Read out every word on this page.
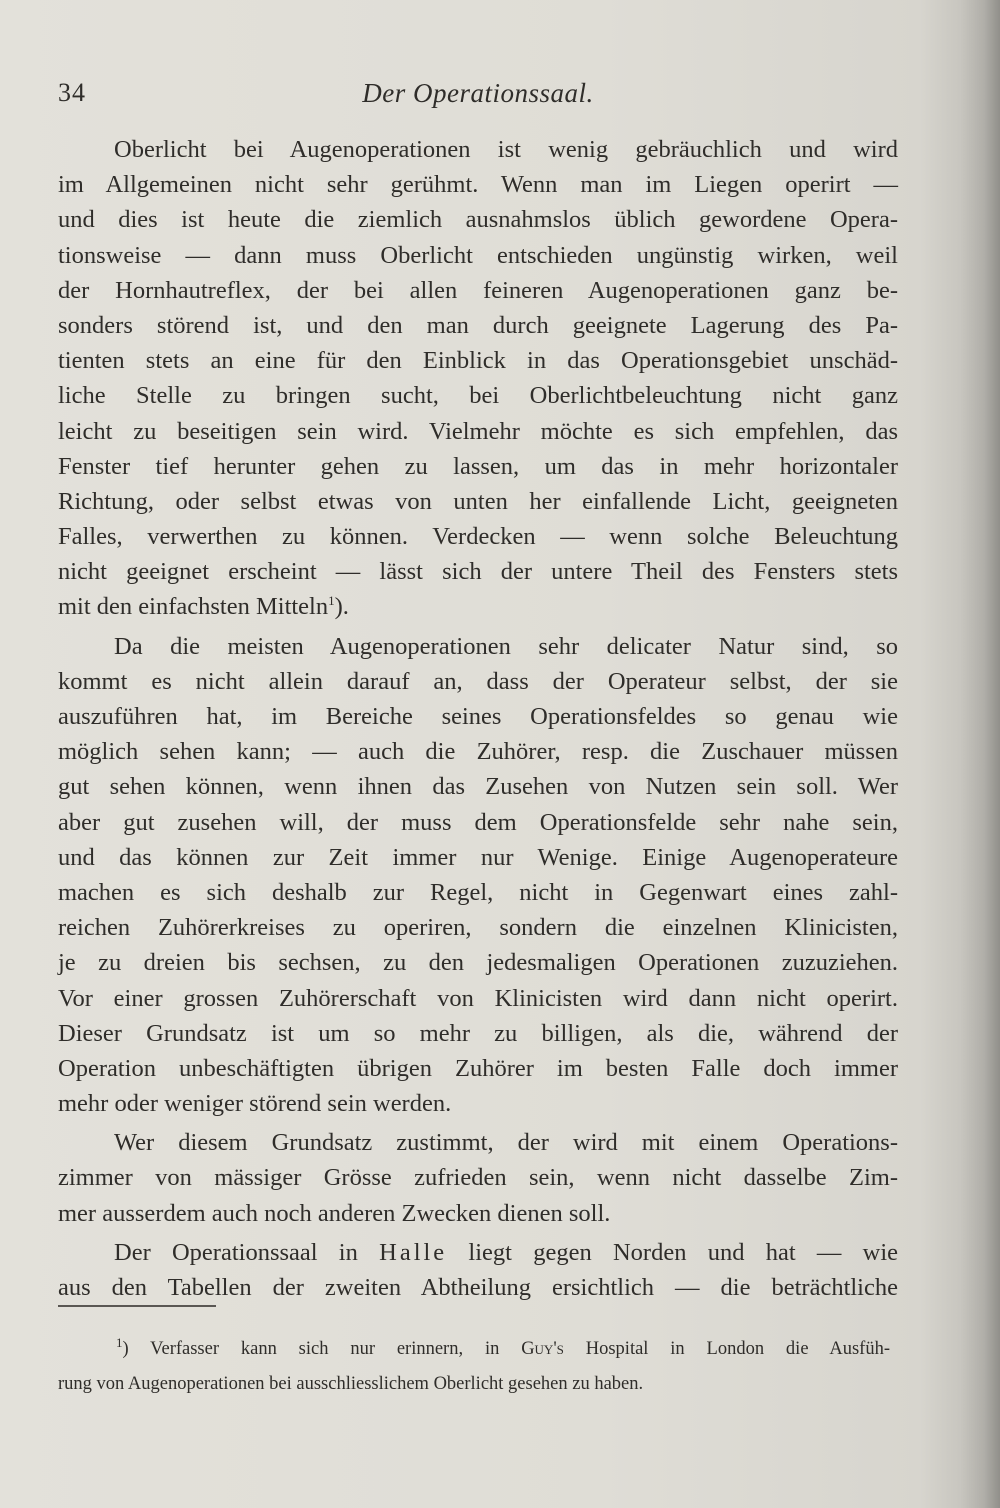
34	Der Operationssaal.
Oberlicht bei Augenoperationen ist wenig gebräuchlich und wird
im Allgemeinen nicht sehr gerühmt. Wenn man im Liegen operirt —
und dies ist heute die ziemlich ausnahmslos üblich gewordene Opera-
tionsweise — dann muss Oberlicht entschieden ungünstig wirken, weil
der Hornhautreflex, der bei allen feineren Augenoperationen ganz be-
sonders störend ist, und den man durch geeignete Lagerung des Pa-
tienten stets an eine für den Einblick in das Operationsgebiet unschäd-
liche Stelle zu bringen sucht, bei Oberlichtbeleuchtung nicht ganz
leicht zu beseitigen sein wird. Vielmehr möchte es sich empfehlen, das
Fenster tief herunter gehen zu lassen, um das in mehr horizontaler
Richtung, oder selbst etwas von unten her einfallende Licht, geeigneten
Falles, verwerthen zu können. Verdecken — wenn solche Beleuchtung
nicht geeignet erscheint — lässt sich der untere Theil des Fensters stets
mit den einfachsten Mitteln$^1$).
Da die meisten Augenoperationen sehr delicater Natur sind, so
kommt es nicht allein darauf an, dass der Operateur selbst, der sie
auszuführen hat, im Bereiche seines Operationsfeldes so genau wie
möglich sehen kann; — auch die Zuhörer, resp. die Zuschauer müssen
gut sehen können, wenn ihnen das Zusehen von Nutzen sein soll. Wer
aber gut zusehen will, der muss dem Operationsfelde sehr nahe sein,
und das können zur Zeit immer nur Wenige. Einige Augenoperateure
machen es sich deshalb zur Regel, nicht in Gegenwart eines zahl-
reichen Zuhörerkreises zu operiren, sondern die einzelnen Klinicisten,
je zu dreien bis sechsen, zu den jedesmaligen Operationen zuzuziehen.
Vor einer grossen Zuhörerschaft von Klinicisten wird dann nicht operirt.
Dieser Grundsatz ist um so mehr zu billigen, als die, während der
Operation unbeschäftigten übrigen Zuhörer im besten Falle doch immer
mehr oder weniger störend sein werden.
Wer diesem Grundsatz zustimmt, der wird mit einem Operations-
zimmer von mässiger Grösse zufrieden sein, wenn nicht dasselbe Zim-
mer ausserdem auch noch anderen Zwecken dienen soll.
Der Operationssaal in Halle liegt gegen Norden und hat — wie
aus den Tabellen der zweiten Abtheilung ersichtlich — die beträchtliche
$^1$) Verfasser kann sich nur erinnern, in Guy's Hospital in London die Ausfüh-
rung von Augenoperationen bei ausschliesslichem Oberlicht gesehen zu haben.
